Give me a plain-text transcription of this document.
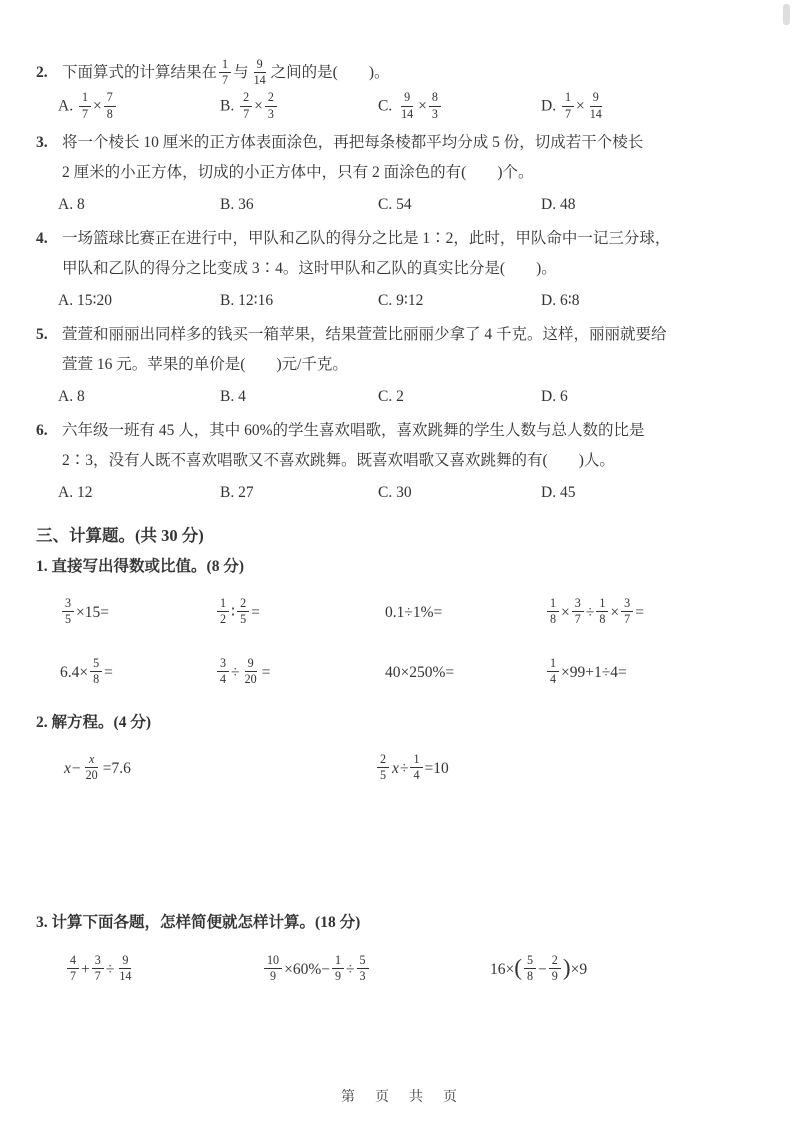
2. 下面算式的计算结果在 $\frac{1}{7}$ 与 $\frac{9}{14}$ 之间的是(　　 )。
A. $\frac{1}{7} \times \frac{7}{8}$	B. $\frac{2}{7} \times \frac{2}{3}$	C. $\frac{9}{14} \times \frac{8}{3}$	D. $\frac{1}{7} \times \frac{9}{14}$
3. 将一个棱长 10 厘米的正方体表面涂色，再把每条棱都平均分成 5 份，切成若干个棱长
2 厘米的小正方体，切成的小正方体中，只有 2 面涂色的有(　　 )个。
A. 8	B. 36	C. 54	D. 48
4. 一场篮球比赛正在进行中，甲队和乙队的得分之比是 1∶2，此时，甲队命中一记三分球，
甲队和乙队的得分之比变成 3∶4。这时甲队和乙队的真实比分是(　　 )。
A. 15∶20	B. 12∶16	C. 9∶12	D. 6∶8
5. 萱萱和丽丽出同样多的钱买一箱苹果，结果萱萱比丽丽少拿了 4 千克。这样，丽丽就要给
萱萱 16 元。苹果的单价是(　　 )元/千克。
A. 8	B. 4	C. 2	D. 6
6. 六年级一班有 45 人，其中 60%的学生喜欢唱歌，喜欢跳舞的学生人数与总人数的比是
2∶3，没有人既不喜欢唱歌又不喜欢跳舞。既喜欢唱歌又喜欢跳舞的有(　　 )人。
A. 12	B. 27	C. 30	D. 45
三、计算题。(共 30 分)
1. 直接写出得数或比值。(8 分)
$\frac{3}{5} \times 15=$	$\frac{1}{2}$ ∶ $\frac{2}{5}$ =	0.1÷1%=	$\frac{1}{8} \times \frac{3}{7} \div \frac{1}{8} \times \frac{3}{7}$ =
$6.4\times \frac{5}{8}$ =	$\frac{3}{4} \div \frac{9}{20}$ =	40×250%=	$\frac{1}{4} \times 99+1\div 4=$
2. 解方程。(4 分)
$x- \frac{x}{20} =7.6$	$\frac{2}{5} x\div \frac{1}{4} =10$
3. 计算下面各题，怎样简便就怎样计算。(18 分)
$\frac{4}{7} + \frac{3}{7} \div \frac{9}{14}$	$\frac{10}{9} \times 60\%- \frac{1}{9} \div \frac{5}{3}$	16× ( $\frac{5}{8} - \frac{2}{9}$ ) ×9
第　页　共　页
